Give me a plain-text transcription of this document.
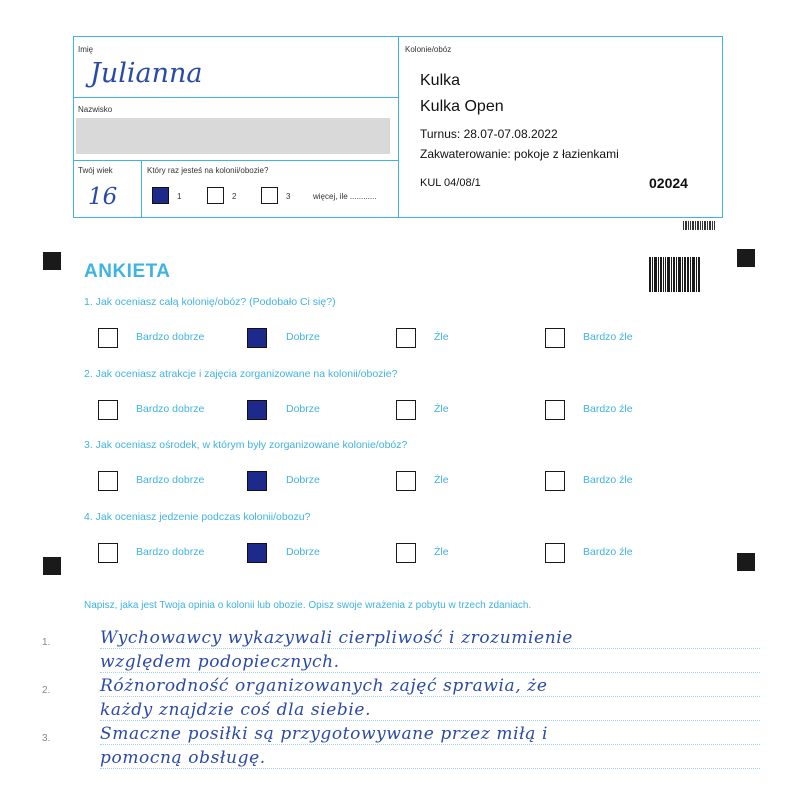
Imię
Julianna
Nazwisko
Twój wiek
16
Który raz jesteś na kolonii/obozie?
1	2	3	więcej, ile ............
Kolonie/obóz
Kulka
Kulka Open
Turnus: 28.07-07.08.2022
Zakwaterowanie: pokoje z łazienkami
KUL 04/08/1	02024
ANKIETA
1. Jak oceniasz całą kolonię/obóz? (Podobało Ci się?)
Bardzo dobrze	Dobrze	Źle	Bardzo źle
2. Jak oceniasz atrakcje i zajęcia zorganizowane na kolonii/obozie?
Bardzo dobrze	Dobrze	Źle	Bardzo źle
3. Jak oceniasz ośrodek, w którym były zorganizowane kolonie/obóz?
Bardzo dobrze	Dobrze	Źle	Bardzo źle
4. Jak oceniasz jedzenie podczas kolonii/obozu?
Bardzo dobrze	Dobrze	Źle	Bardzo źle
Napisz, jaka jest Twoja opinia o kolonii lub obozie. Opisz swoje wrażenia z pobytu w trzech zdaniach.
1.
2.
3.
Wychowawcy wykazywali cierpliwość i zrozumienie
względem podopiecznych.
Różnorodność organizowanych zajęć sprawia, że
każdy znajdzie coś dla siebie.
Smaczne posiłki są przygotowywane przez miłą i
pomocną obsługę.
